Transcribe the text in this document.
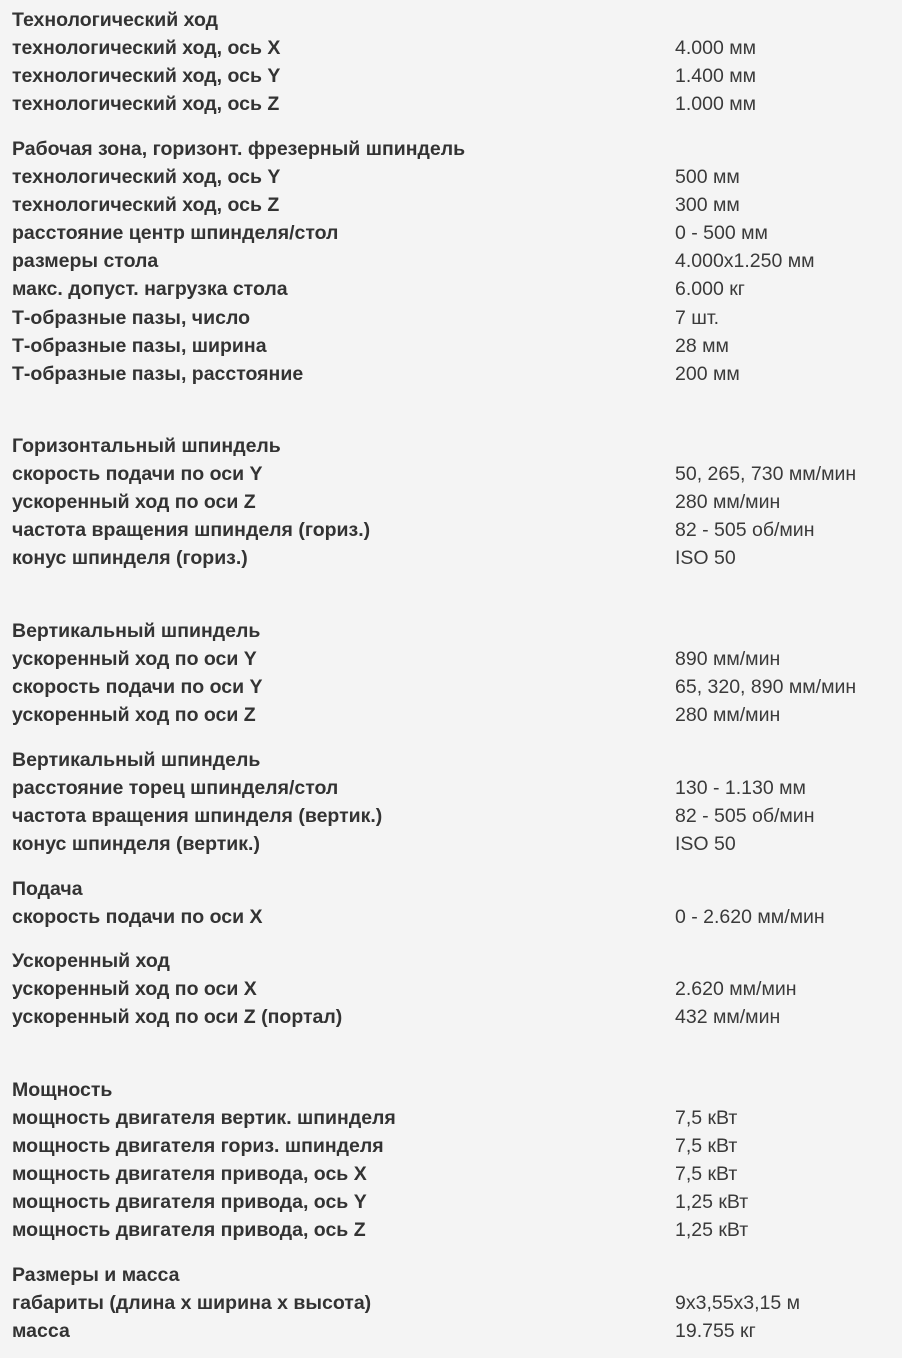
Технологический ход
технологический ход, ось X	4.000 мм
технологический ход, ось Y	1.400 мм
технологический ход, ось Z	1.000 мм
Рабочая зона, горизонт. фрезерный шпиндель
технологический ход, ось Y	500 мм
технологический ход, ось Z	300 мм
расстояние центр шпинделя/стол	0 - 500 мм
размеры стола	4.000x1.250 мм
макс. допуст. нагрузка стола	6.000 кг
Т-образные пазы, число	7 шт.
Т-образные пазы, ширина	28 мм
Т-образные пазы, расстояние	200 мм
Горизонтальный шпиндель
скорость подачи по оси Y	50, 265, 730 мм/мин
ускоренный ход по оси Z	280 мм/мин
частота вращения шпинделя (гориз.)	82 - 505 об/мин
конус шпинделя (гориз.)	ISO 50
Вертикальный шпиндель
ускоренный ход по оси Y	890 мм/мин
скорость подачи по оси Y	65, 320, 890 мм/мин
ускоренный ход по оси Z	280 мм/мин
Вертикальный шпиндель
расстояние торец шпинделя/стол	130 - 1.130 мм
частота вращения шпинделя (вертик.)	82 - 505 об/мин
конус шпинделя (вертик.)	ISO 50
Подача
скорость подачи по оси X	0 - 2.620 мм/мин
Ускоренный ход
ускоренный ход по оси X	2.620 мм/мин
ускоренный ход по оси Z (портал)	432 мм/мин
Мощность
мощность двигателя вертик. шпинделя	7,5 кВт
мощность двигателя гориз. шпинделя	7,5 кВт
мощность двигателя привода, ось X	7,5 кВт
мощность двигателя привода, ось Y	1,25 кВт
мощность двигателя привода, ось Z	1,25 кВт
Размеры и масса
габариты (длина x ширина x высота)	9x3,55x3,15 м
масса	19.755 кг
